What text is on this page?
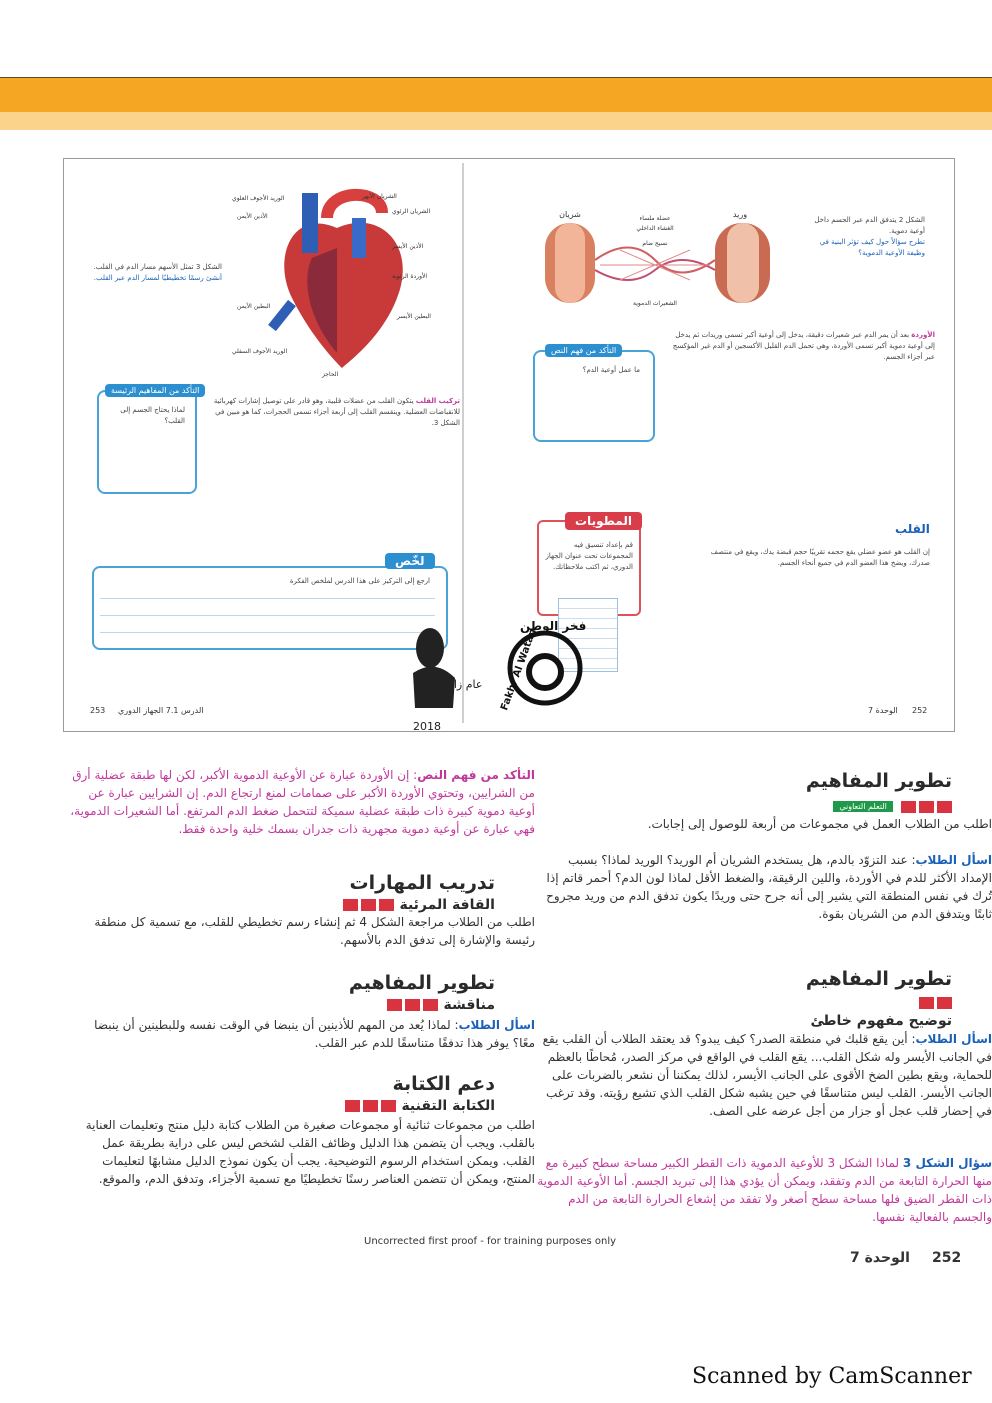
الشكل 2 يتدفق الدم عبر الجسم داخل أوعية دموية.
تطرح سؤالاً حول كيف تؤثر البنية في وظيفة الأوعية الدموية؟
شريان	وريد
الشعيرات الدموية
نسيج ضام
عضلة ملساء
الغشاء الداخلي
التأكد من فهم النص
ما عمل أوعية الدم؟
الأوردة بعد أن يمر الدم عبر شعيرات دقيقة، يدخل إلى أوعية أكبر تسمى وريدات ثم يدخل إلى أوعية دموية أكبر تسمى الأوردة، وهي تحمل الدم القليل الأكسجين أو الدم غير المؤكسج عبر أجزاء الجسم.
القلب
إن القلب هو عضو عضلي يقع حجمه تقريبًا حجم قبضة يدك، ويقع في منتصف صدرك، ويضخ هذا العضو الدم في جميع أنحاء الجسم.
المطويات
قم بإعداد تنسيق فيه المجموعات تحت عنوان الجهاز الدوري، ثم اكتب ملاحظاتك.
252
الوحدة 7
الأذين الأيمن
الأذين الأيسر
البطين الأيمن
البطين الأيسر
الشريان الأبهر
الوريد الأجوف العلوي
الوريد الأجوف السفلي
الشريان الرئوي
الأوردة الرئوية
الحاجز
الشكل 3 تمثل الأسهم مسار الدم في القلب.
أنشئ رسمًا تخطيطيًا لمسار الدم عبر القلب.
التأكد من المفاهيم الرئيسة
لماذا يحتاج الجسم إلى القلب؟
تركيب القلب يتكون القلب من عضلات قلبية، وهو قادر على توصيل إشارات كهربائية للانقباضات العضلية. وينقسم القلب إلى أربعة أجزاء تسمى الحجرات، كما هو مبين في الشكل 3.
لخّص
ارجع إلى التركيز على هذا الدرس لملخص الفكرة
253 الدرس 7.1 الجهاز الدوري
عام زايد
2018
فخر الوطن
Fakhr Al Watan
تطوير المفاهيم
التعلم التعاوني
اطلب من الطلاب العمل في مجموعات من أربعة للوصول إلى إجابات.
اسأل الطلاب: عند التزوّد بالدم، هل يستخدم الشريان أم الوريد؟ الوريد لماذا؟ بسبب الإمداد الأكثر للدم في الأوردة، واللين الرقيقة، والضغط الأقل لماذا لون الدم؟ أحمر قاتم إذا تُرك في نفس المنطقة التي يشير إلى أنه جرح حتى وريدًا يكون تدفق الدم من وريد مجروح ثابتًا ويتدفق الدم من الشريان بقوة.
تطوير المفاهيم
توضيح مفهوم خاطئ
اسأل الطلاب: أين يقع قلبك في منطقة الصدر؟ كيف يبدو؟ قد يعتقد الطلاب أن القلب يقع في الجانب الأيسر وله شكل القلب... يقع القلب في الواقع في مركز الصدر، مُحاطًا بالعظم للحماية، ويقع بطين الضخ الأقوى على الجانب الأيسر، لذلك يمكننا أن نشعر بالضربات على الجانب الأيسر. القلب ليس متناسقًا في حين يشبه شكل القلب الذي تشيع رؤيته. وقد ترغب في إحضار قلب عجل أو جزار من أجل عرضه على الصف.
سؤال الشكل 3 لماذا الشكل 3 للأوعية الدموية ذات القطر الكبير مساحة سطح كبيرة مع منها الحرارة التابعة من الدم وتفقد، ويمكن أن يؤدي هذا إلى تبريد الجسم. أما الأوعية الدموية ذات القطر الضيق فلها مساحة سطح أصغر ولا تفقد من إشعاع الحرارة التابعة من الدم والجسم بالفعالية نفسها.
التأكد من فهم النص: إن الأوردة عبارة عن الأوعية الدموية الأكبر، لكن لها طبقة عضلية أرق من الشرايين، وتحتوي الأوردة الأكبر على صمامات لمنع ارتجاع الدم. إن الشرايين عبارة عن أوعية دموية كبيرة ذات طبقة عضلية سميكة لتتحمل ضغط الدم المرتفع. أما الشعيرات الدموية، فهي عبارة عن أوعية دموية مجهرية ذات جدران بسمك خلية واحدة فقط.
تدريب المهارات
القافة المرئية
اطلب من الطلاب مراجعة الشكل 4 ثم إنشاء رسم تخطيطي للقلب، مع تسمية كل منطقة رئيسة والإشارة إلى تدفق الدم بالأسهم.
تطوير المفاهيم
مناقشة
اسأل الطلاب: لماذا يُعد من المهم للأذينين أن ينبضا في الوقت نفسه وللبطينين أن ينبضا معًا؟ يوفر هذا تدفقًا متناسقًا للدم عبر القلب.
دعم الكتابة
الكتابة التقنية
اطلب من مجموعات ثنائية أو مجموعات صغيرة من الطلاب كتابة دليل منتج وتعليمات العناية بالقلب. ويجب أن يتضمن هذا الدليل وظائف القلب لشخص ليس على دراية بطريقة عمل القلب. ويمكن استخدام الرسوم التوضيحية. يجب أن يكون نموذج الدليل مشابهًا لتعليمات المنتج، ويمكن أن تتضمن العناصر رسنًا تخطيطيًا مع تسمية الأجزاء، وتدفق الدم، والموقع.
Uncorrected first proof - for training purposes only
252
الوحدة 7
Scanned by CamScanner
